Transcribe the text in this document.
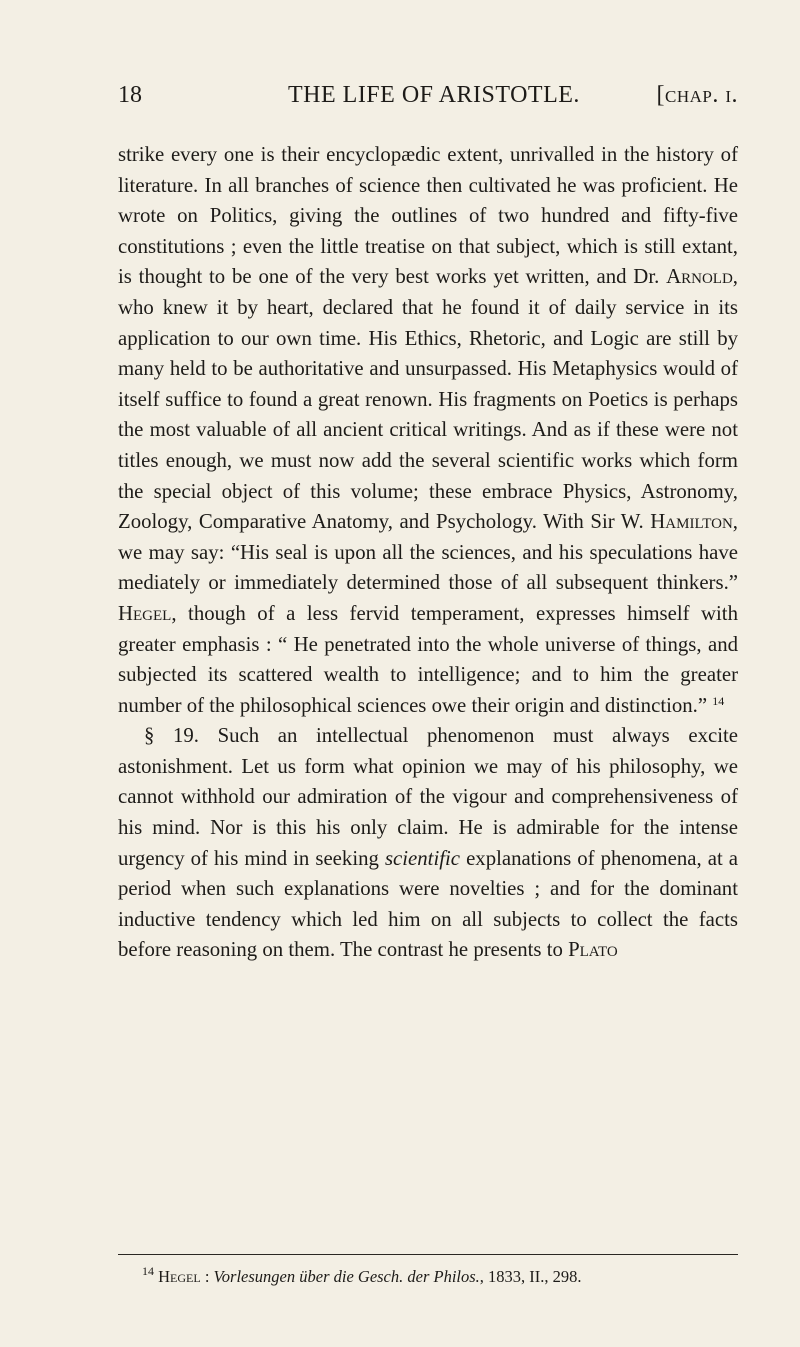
18	THE LIFE OF ARISTOTLE.	[chap. i.

strike every one is their encyclopædic extent, unrivalled in the history of literature. In all branches of science then cultivated he was proficient. He wrote on Politics, giving the outlines of two hundred and fifty-five constitutions ; even the little treatise on that subject, which is still extant, is thought to be one of the very best works yet written, and Dr. Arnold, who knew it by heart, declared that he found it of daily service in its application to our own time. His Ethics, Rhetoric, and Logic are still by many held to be authoritative and unsurpassed. His Metaphysics would of itself suffice to found a great renown. His fragments on Poetics is perhaps the most valuable of all ancient critical writings. And as if these were not titles enough, we must now add the several scientific works which form the special object of this volume; these embrace Physics, Astronomy, Zoology, Comparative Anatomy, and Psychology. With Sir W. Hamilton, we may say: “His seal is upon all the sciences, and his speculations have mediately or immediately determined those of all subsequent thinkers.” Hegel, though of a less fervid temperament, expresses himself with greater emphasis : “ He penetrated into the whole universe of things, and subjected its scattered wealth to intelligence; and to him the greater number of the philosophical sciences owe their origin and distinction.” $^{14}$

§ 19. Such an intellectual phenomenon must always excite astonishment. Let us form what opinion we may of his philosophy, we cannot withhold our admiration of the vigour and comprehensiveness of his mind. Nor is this his only claim. He is admirable for the intense urgency of his mind in seeking scientific explanations of phenomena, at a period when such explanations were novelties ; and for the dominant inductive tendency which led him on all subjects to collect the facts before reasoning on them. The contrast he presents to Plato

$^{14}$ Hegel : Vorlesungen über die Gesch. der Philos., 1833, II., 298.
